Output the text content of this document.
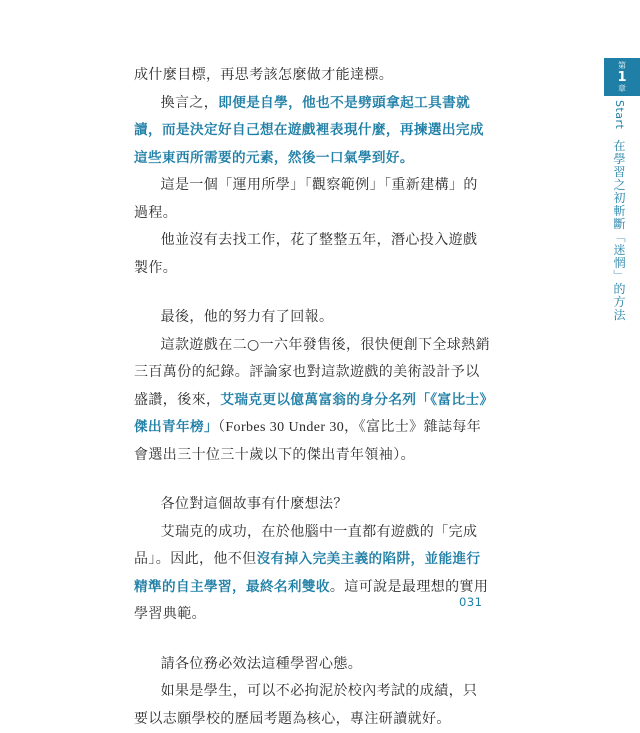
成什麼目標，再思考該怎麼做才能達標。

換言之，即便是自學，他也不是劈頭拿起工具書就讀，而是決定好自己想在遊戲裡表現什麼，再揀選出完成這些東西所需要的元素，然後一口氣學到好。

這是一個「運用所學」「觀察範例」「重新建構」的過程。

他並沒有去找工作，花了整整五年，潛心投入遊戲製作。

最後，他的努力有了回報。

這款遊戲在二○一六年發售後，很快便創下全球熱銷三百萬份的紀錄。評論家也對這款遊戲的美術設計予以盛讚，後來，艾瑞克更以億萬富翁的身分名列「《富比士》傑出青年榜」（Forbes 30 Under 30，《富比士》雜誌每年會選出三十位三十歲以下的傑出青年領袖）。

各位對這個故事有什麼想法？

艾瑞克的成功，在於他腦中一直都有遊戲的「完成品」。因此，他不但沒有掉入完美主義的陷阱，並能進行精準的自主學習，最終名利雙收。這可說是最理想的實用學習典範。

請各位務必效法這種學習心態。

如果是學生，可以不必拘泥於校內考試的成績，只要以志願學校的歷屆考題為核心，專注研讀就好。

第
1
章
Start在學習之初斬斷「迷惘」的方法
031
